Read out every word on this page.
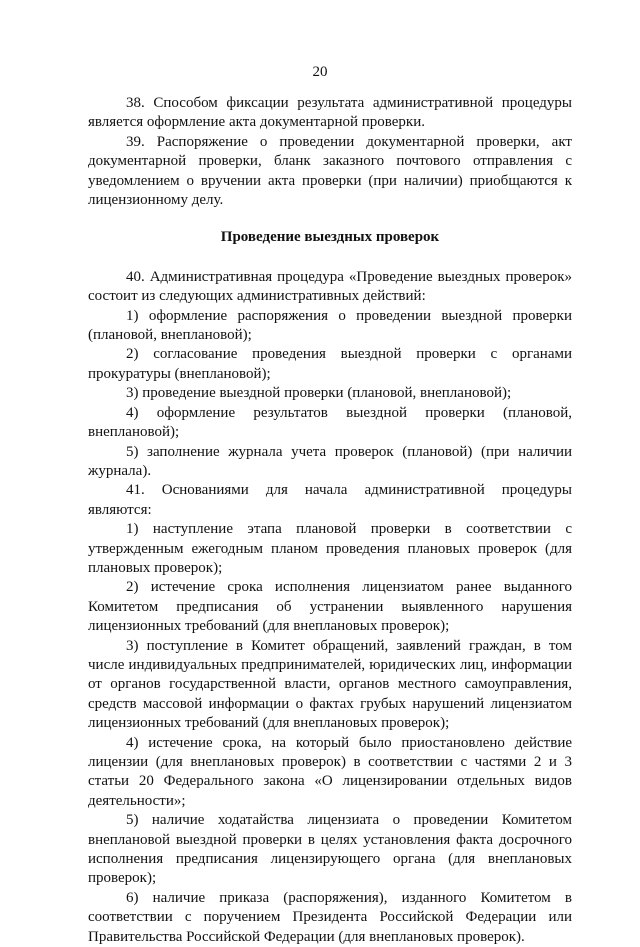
20

38. Способом фиксации результата административной процедуры является оформление акта документарной проверки.

39. Распоряжение о проведении документарной проверки, акт документарной проверки, бланк заказного почтового отправления с уведомлением о вручении акта проверки (при наличии) приобщаются к лицензионному делу.

Проведение выездных проверок

40. Административная процедура «Проведение выездных проверок» состоит из следующих административных действий:

1) оформление распоряжения о проведении выездной проверки (плановой, внеплановой);

2) согласование проведения выездной проверки с органами прокуратуры (внеплановой);

3) проведение выездной проверки (плановой, внеплановой);

4) оформление результатов выездной проверки (плановой, внеплановой);

5) заполнение журнала учета проверок (плановой) (при наличии журнала).

41. Основаниями для начала административной процедуры являются:

1) наступление этапа плановой проверки в соответствии с утвержденным ежегодным планом проведения плановых проверок (для плановых проверок);

2) истечение срока исполнения лицензиатом ранее выданного Комитетом предписания об устранении выявленного нарушения лицензионных требований (для внеплановых проверок);

3) поступление в Комитет обращений, заявлений граждан, в том числе индивидуальных предпринимателей, юридических лиц, информации от органов государственной власти, органов местного самоуправления, средств массовой информации о фактах грубых нарушений лицензиатом лицензионных требований (для внеплановых проверок);

4) истечение срока, на который было приостановлено действие лицензии (для внеплановых проверок) в соответствии с частями 2 и 3 статьи 20 Федерального закона «О лицензировании отдельных видов деятельности»;

5) наличие ходатайства лицензиата о проведении Комитетом внеплановой выездной проверки в целях установления факта досрочного исполнения предписания лицензирующего органа (для внеплановых проверок);

6) наличие приказа (распоряжения), изданного Комитетом в соответствии с поручением Президента Российской Федерации или Правительства Российской Федерации (для внеплановых проверок).
